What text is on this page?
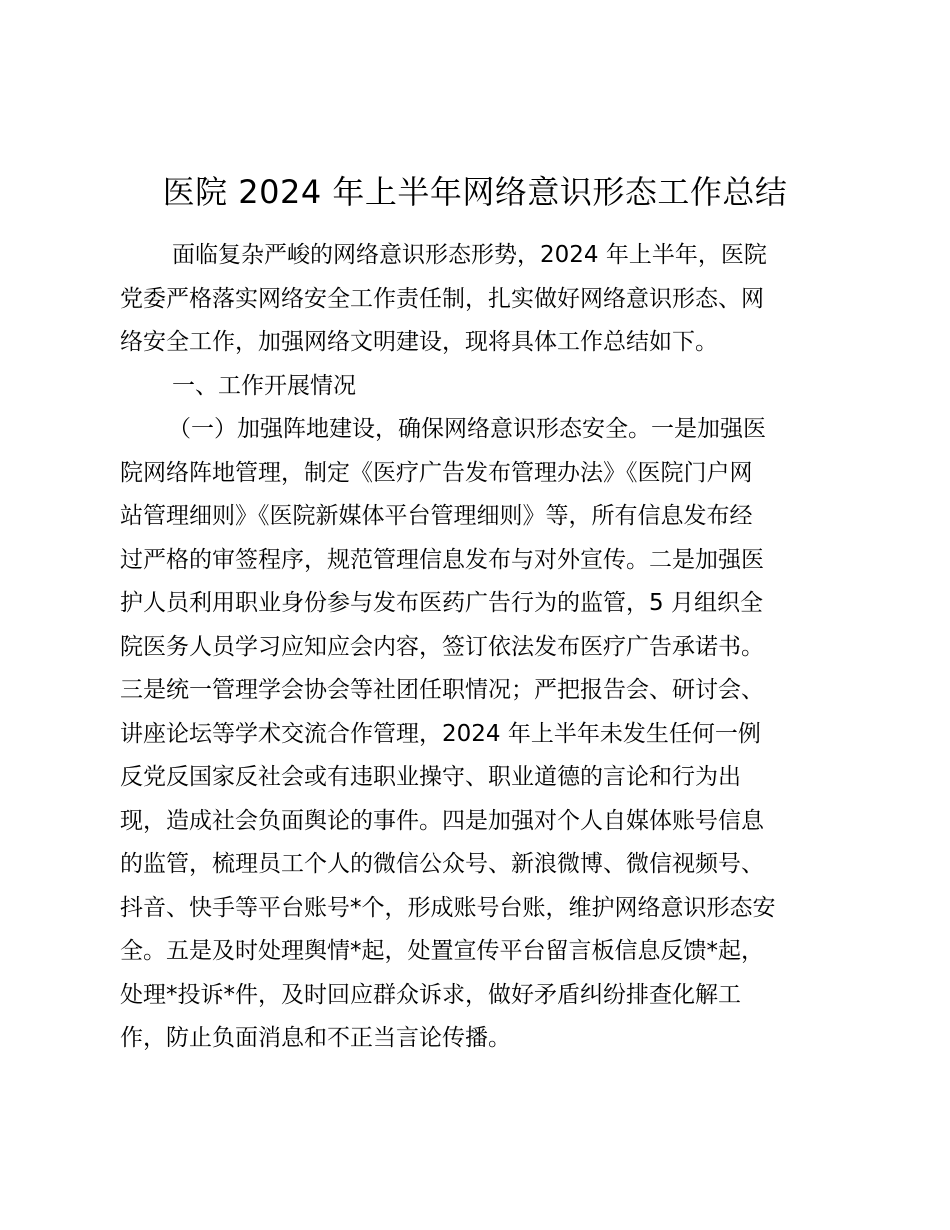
医院 2024 年上半年网络意识形态工作总结

面临复杂严峻的网络意识形态形势，2024 年上半年，医院

党委严格落实网络安全工作责任制，扎实做好网络意识形态、网

络安全工作，加强网络文明建设，现将具体工作总结如下。

一、工作开展情况

（一）加强阵地建设，确保网络意识形态安全。一是加强医

院网络阵地管理，制定《医疗广告发布管理办法》《医院门户网

站管理细则》《医院新媒体平台管理细则》等，所有信息发布经

过严格的审签程序，规范管理信息发布与对外宣传。二是加强医

护人员利用职业身份参与发布医药广告行为的监管，5 月组织全

院医务人员学习应知应会内容，签订依法发布医疗广告承诺书。

三是统一管理学会协会等社团任职情况；严把报告会、研讨会、

讲座论坛等学术交流合作管理，2024 年上半年未发生任何一例

反党反国家反社会或有违职业操守、职业道德的言论和行为出

现，造成社会负面舆论的事件。四是加强对个人自媒体账号信息

的监管，梳理员工个人的微信公众号、新浪微博、微信视频号、

抖音、快手等平台账号*个，形成账号台账，维护网络意识形态安

全。五是及时处理舆情*起，处置宣传平台留言板信息反馈*起，

处理*投诉*件，及时回应群众诉求，做好矛盾纠纷排查化解工

作，防止负面消息和不正当言论传播。
